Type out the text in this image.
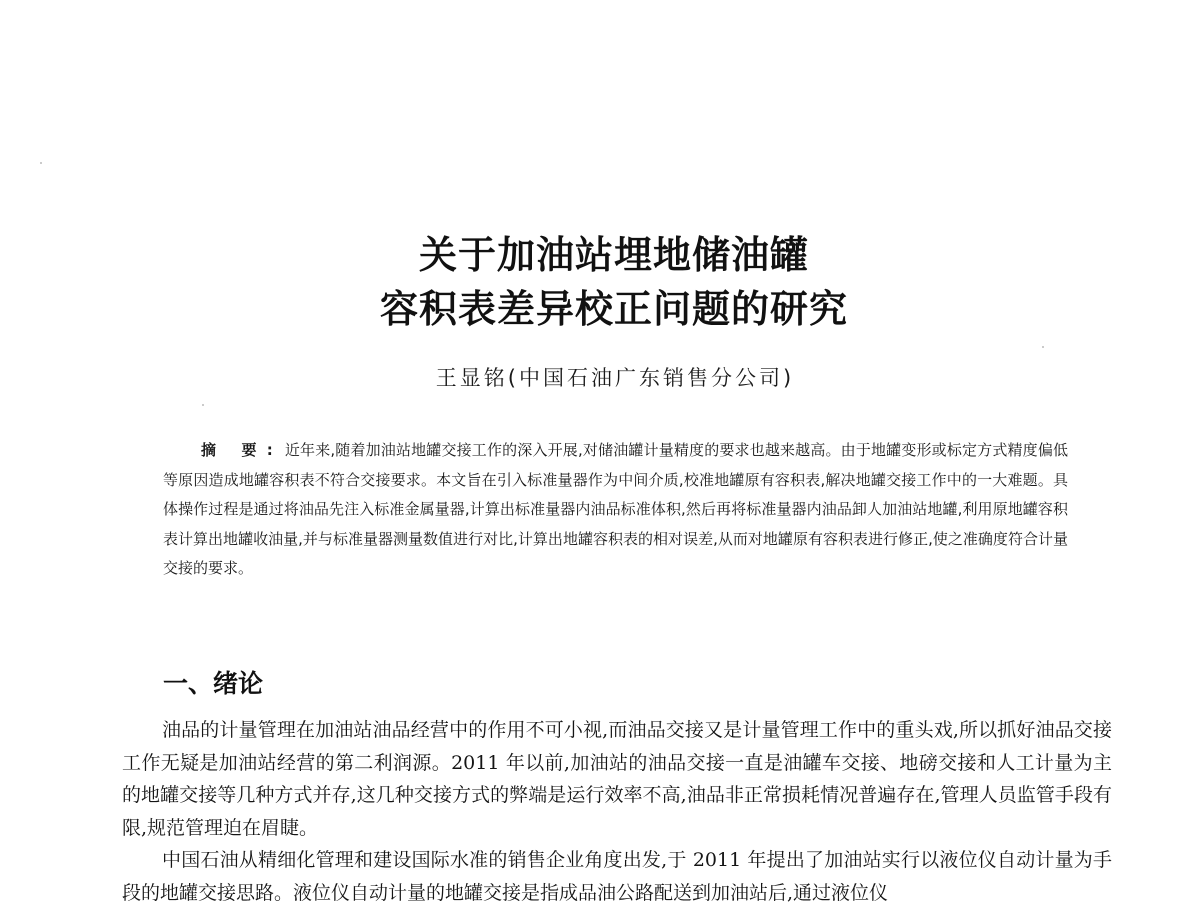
关于加油站埋地储油罐
容积表差异校正问题的研究
王显铭(中国石油广东销售分公司)
摘 要: 近年来,随着加油站地罐交接工作的深入开展,对储油罐计量精度的要求也越来越高。由于地罐变形或标定方式精度偏低等原因造成地罐容积表不符合交接要求。本文旨在引入标准量器作为中间介质,校准地罐原有容积表,解决地罐交接工作中的一大难题。具体操作过程是通过将油品先注入标准金属量器,计算出标准量器内油品标准体积,然后再将标准量器内油品卸人加油站地罐,利用原地罐容积表计算出地罐收油量,并与标准量器测量数值进行对比,计算出地罐容积表的相对误差,从而对地罐原有容积表进行修正,使之准确度符合计量交接的要求。
一、绪论

油品的计量管理在加油站油品经营中的作用不可小视,而油品交接又是计量管理工作中的重头戏,所以抓好油品交接工作无疑是加油站经营的第二利润源。2011 年以前,加油站的油品交接一直是油罐车交接、地磅交接和人工计量为主的地罐交接等几种方式并存,这几种交接方式的弊端是运行效率不高,油品非正常损耗情况普遍存在,管理人员监管手段有限,规范管理迫在眉睫。

中国石油从精细化管理和建设国际水准的销售企业角度出发,于 2011 年提出了加油站实行以液位仪自动计量为手段的地罐交接思路。液位仪自动计量的地罐交接是指成品油公路配送到加油站后,通过液位仪
